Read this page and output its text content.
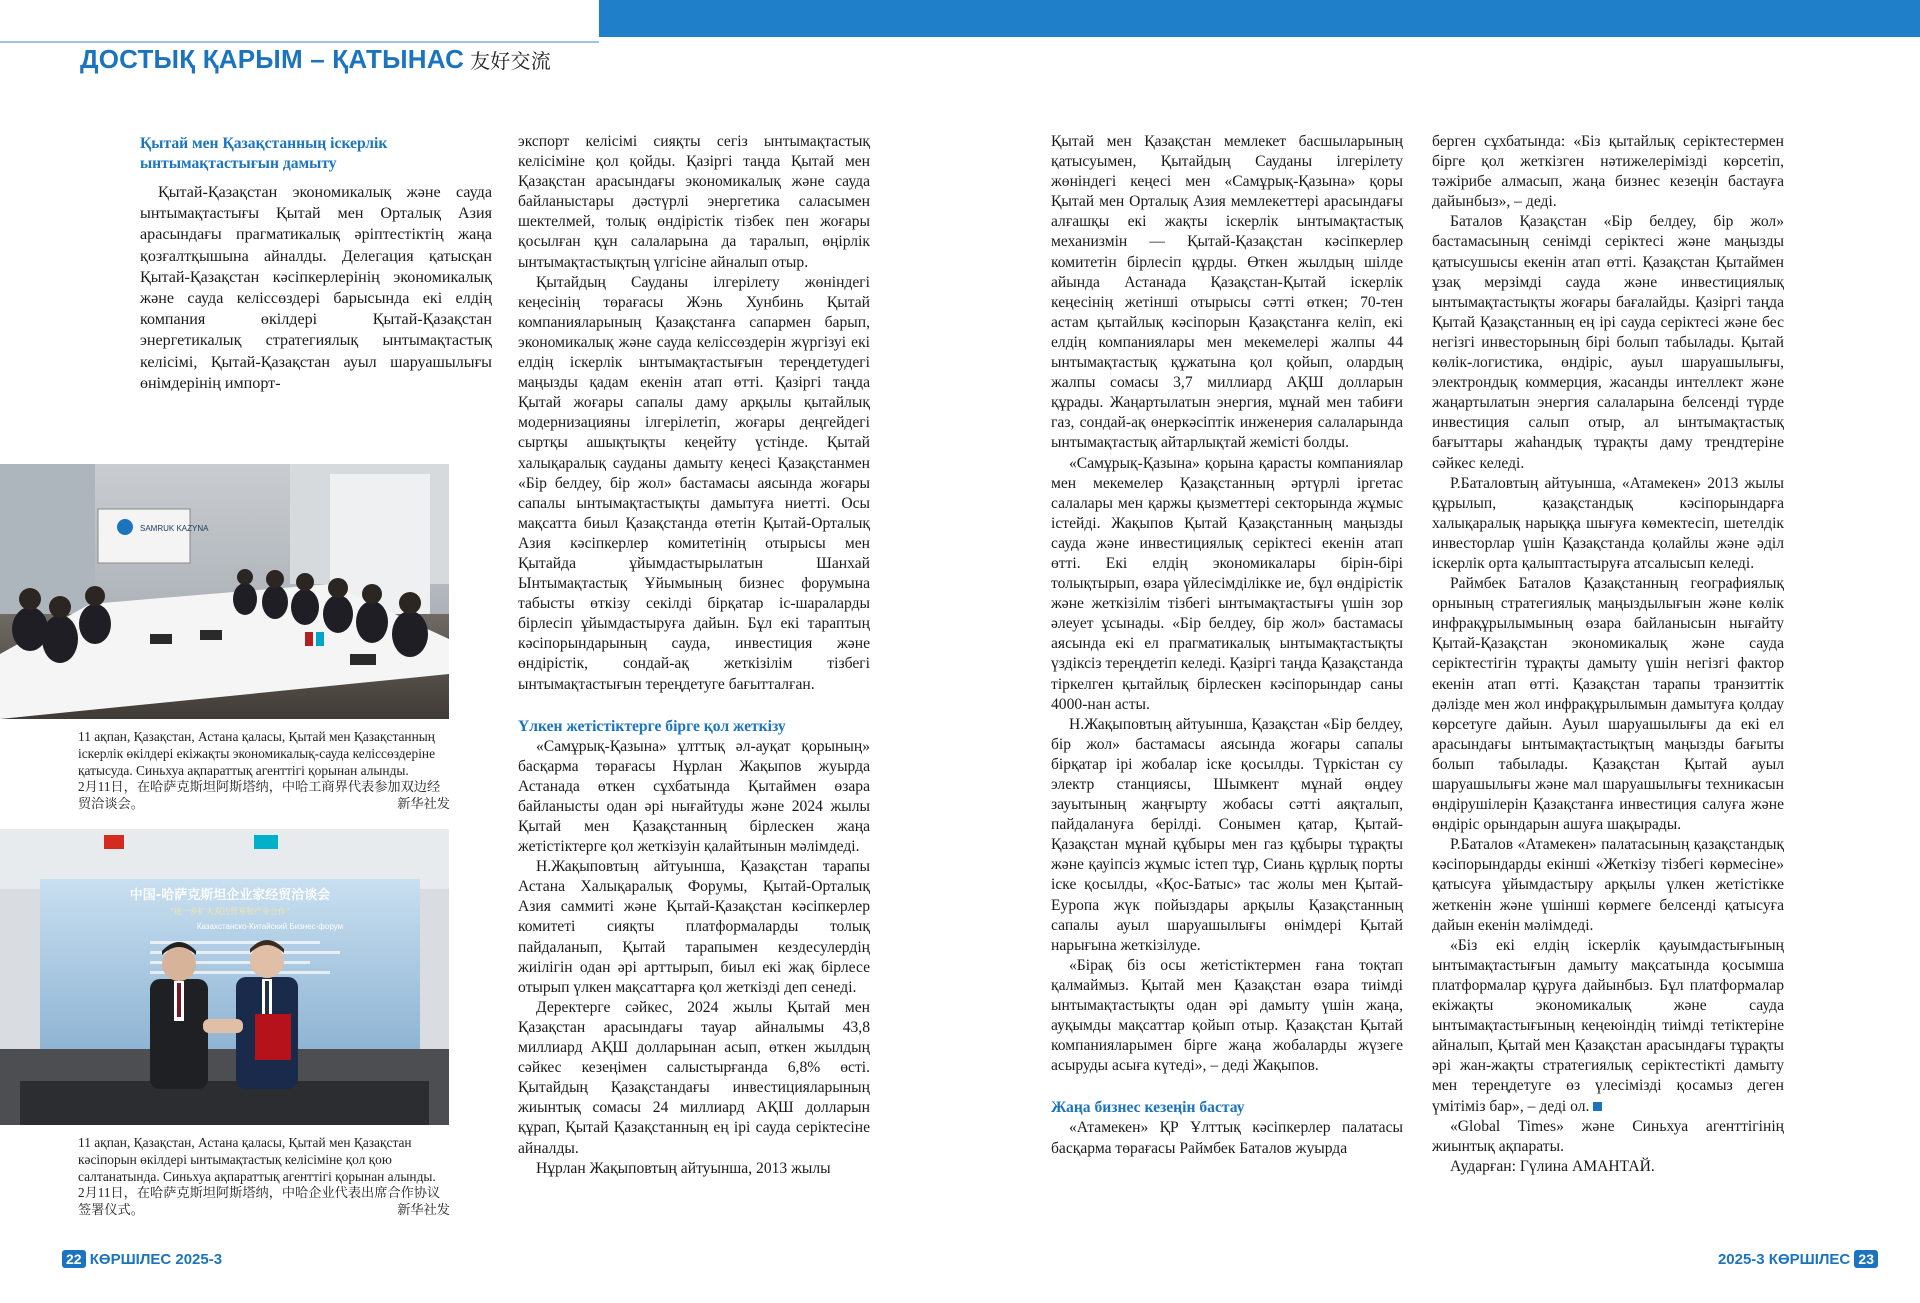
ДОСТЫҚ ҚАРЫМ – ҚАТЫНАС 友好交流

Қытай мен Қазақстанның іскерлік

ынтымақтастығын дамыту

Қытай-Қазақстан экономикалық және сауда ынтымақтастығы Қытай мен Орталық Азия арасындағы прагматикалық әріптестіктің жаңа қозғалтқышына айналды. Делегация қатысқан Қытай-Қазақстан кәсіпкерлерінің экономикалық және сауда келіссөздері барысында екі елдің компания өкілдері Қытай-Қазақстан энергетикалық стратегиялық ынтымақтастық келісімі, Қытай-Қазақстан ауыл шаруашылығы өнімдерінің импорт-

SAMRUK KAZYNA
11 ақпан, Қазақстан, Астана қаласы, Қытай мен Қазақстанның іскерлік өкілдері екіжақты экономикалық-сауда келіссөздеріне қатысуда. Синьхуа ақпараттық агенттігі қорынан алынды.
2月11日，在哈萨克斯坦阿斯塔纳，中哈工商界代表参加双边经贸洽谈会。	新华社发
中国-哈萨克斯坦企业家经贸洽谈会
“进一步扩大双边贸易和产业合作”
Казахстанско-Китайский Бизнес-форум
11 ақпан, Қазақстан, Астана қаласы, Қытай мен Қазақстан кәсіпорын өкілдері ынтымақтастық келісіміне қол қою салтанатында. Синьхуа ақпараттық агенттігі қорынан алынды.
2月11日，在哈萨克斯坦阿斯塔纳，中哈企业代表出席合作协议签署仪式。	新华社发

экспорт келісімі сияқты сегіз ынтымақтастық келісіміне қол қойды. Қазіргі таңда Қытай мен Қазақстан арасындағы экономикалық және сауда байланыстары дәстүрлі энергетика саласымен шектелмей, толық өндірістік тізбек пен жоғары қосылған құн салаларына да таралып, өңірлік ынтымақтастықтың үлгісіне айналып отыр.

Қытайдың Сауданы ілгерілету жөніндегі кеңесінің төрағасы Жэнь Хунбинь Қытай компанияларының Қазақстанға сапармен барып, экономикалық және сауда келіссөздерін жүргізуі екі елдің іскерлік ынтымақтастығын тереңдетудегі маңызды қадам екенін атап өтті. Қазіргі таңда Қытай жоғары сапалы даму арқылы қытайлық модернизацияны ілгерілетіп, жоғары деңгейдегі сыртқы ашықтықты кеңейту үстінде. Қытай халықаралық сауданы дамыту кеңесі Қазақстанмен «Бір белдеу, бір жол» бастамасы аясында жоғары сапалы ынтымақтастықты дамытуға ниетті. Осы мақсатта биыл Қазақстанда өтетін Қытай-Орталық Азия кәсіпкерлер комитетінің отырысы мен Қытайда ұйымдастырылатын Шанхай Ынтымақтастық Ұйымының бизнес форумына табысты өткізу секілді бірқатар іс-шараларды бірлесіп ұйымдастыруға дайын. Бұл екі тараптың кәсіпорындарының сауда, инвестиция және өндірістік, сондай-ақ жеткізілім тізбегі ынтымақтастығын тереңдетуге бағытталған.

Үлкен жетістіктерге бірге қол жеткізу

«Самұрық-Қазына» ұлттық әл-ауқат қорының» басқарма төрағасы Нұрлан Жақыпов жуырда Астанада өткен сұхбатында Қытаймен өзара байланысты одан әрі нығайтуды және 2024 жылы Қытай мен Қазақстанның бірлескен жаңа жетістіктерге қол жеткізуін қалайтынын мәлімдеді.

Н.Жақыповтың айтуынша, Қазақстан тарапы Астана Халықаралық Форумы, Қытай-Орталық Азия саммиті және Қытай-Қазақстан кәсіпкерлер комитеті сияқты платформаларды толық пайдаланып, Қытай тарапымен кездесулердің жиілігін одан әрі арттырып, биыл екі жақ бірлесе отырып үлкен мақсаттарға қол жеткізді деп сенеді.

Деректерге сәйкес, 2024 жылы Қытай мен Қазақстан арасындағы тауар айналымы 43,8 миллиард АҚШ долларынан асып, өткен жылдың сәйкес кезеңімен салыстырғанда 6,8% өсті. Қытайдың Қазақстандағы инвестицияларының жиынтық сомасы 24 миллиард АҚШ долларын құрап, Қытай Қазақстанның ең ірі сауда серіктесіне айналды.

Нұрлан Жақыповтың айтуынша, 2013 жылы

Қытай мен Қазақстан мемлекет басшыларының қатысуымен, Қытайдың Сауданы ілгерілету жөніндегі кеңесі мен «Самұрық-Қазына» қоры Қытай мен Орталық Азия мемлекеттері арасындағы алғашқы екі жақты іскерлік ынтымақтастық механизмін — Қытай-Қазақстан кәсіпкерлер комитетін бірлесіп құрды. Өткен жылдың шілде айында Астанада Қазақстан-Қытай іскерлік кеңесінің жетінші отырысы сәтті өткен; 70-тен астам қытайлық кәсіпорын Қазақстанға келіп, екі елдің компаниялары мен мекемелері жалпы 44 ынтымақтастық құжатына қол қойып, олардың жалпы сомасы 3,7 миллиард АҚШ долларын құрады. Жаңартылатын энергия, мұнай мен табиғи газ, сондай-ақ өнеркәсіптік инженерия салаларында ынтымақтастық айтарлықтай жемісті болды.

«Самұрық-Қазына» қорына қарасты компаниялар мен мекемелер Қазақстанның әртүрлі іргетас салалары мен қаржы қызметтері секторында жұмыс істейді. Жақыпов Қытай Қазақстанның маңызды сауда және инвестициялық серіктесі екенін атап өтті. Екі елдің экономикалары бірін-бірі толықтырып, өзара үйлесімділікке ие, бұл өндірістік және жеткізілім тізбегі ынтымақтастығы үшін зор әлеует ұсынады. «Бір белдеу, бір жол» бастамасы аясында екі ел прагматикалық ынтымақтастықты үздіксіз тереңдетіп келеді. Қазіргі таңда Қазақстанда тіркелген қытайлық бірлескен кәсіпорындар саны 4000-нан асты.

Н.Жақыповтың айтуынша, Қазақстан «Бір белдеу, бір жол» бастамасы аясында жоғары сапалы бірқатар ірі жобалар іске қосылды. Түркістан су электр станциясы, Шымкент мұнай өңдеу зауытының жаңғырту жобасы сәтті аяқталып, пайдалануға берілді. Сонымен қатар, Қытай-Қазақстан мұнай құбыры мен газ құбыры тұрақты және қауіпсіз жұмыс істеп тұр, Сиань құрлық порты іске қосылды, «Қос-Батыс» тас жолы мен Қытай-Еуропа жүк пойыздары арқылы Қазақстанның сапалы ауыл шаруашылығы өнімдері Қытай нарығына жеткізілуде.

«Бірақ біз осы жетістіктермен ғана тоқтап қалмаймыз. Қытай мен Қазақстан өзара тиімді ынтымақтастықты одан әрі дамыту үшін жаңа, ауқымды мақсаттар қойып отыр. Қазақстан Қытай компанияларымен бірге жаңа жобаларды жүзеге асыруды асыға күтеді», – деді Жақыпов.

Жаңа бизнес кезеңін бастау

«Атамекен» ҚР Ұлттық кәсіпкерлер палатасы басқарма төрағасы Раймбек Баталов жуырда

берген сұхбатында: «Біз қытайлық серіктестермен бірге қол жеткізген нәтижелерімізді көрсетіп, тәжірибе алмасып, жаңа бизнес кезеңін бастауға дайынбыз», – деді.

Баталов Қазақстан «Бір белдеу, бір жол» бастамасының сенімді серіктесі және маңызды қатысушысы екенін атап өтті. Қазақстан Қытаймен ұзақ мерзімді сауда және инвестициялық ынтымақтастықты жоғары бағалайды. Қазіргі таңда Қытай Қазақстанның ең ірі сауда серіктесі және бес негізгі инвесторының бірі болып табылады. Қытай көлік-логистика, өндіріс, ауыл шаруашылығы, электрондық коммерция, жасанды интеллект және жаңартылатын энергия салаларына белсенді түрде инвестиция салып отыр, ал ынтымақтастық бағыттары жаһандық тұрақты даму трендтеріне сәйкес келеді.

Р.Баталовтың айтуынша, «Атамекен» 2013 жылы құрылып, қазақстандық кәсіпорындарға халықаралық нарыққа шығуға көмектесіп, шетелдік инвесторлар үшін Қазақстанда қолайлы және әділ іскерлік орта қалыптастыруға атсалысып келеді.

Раймбек Баталов Қазақстанның географиялық орнының стратегиялық маңыздылығын және көлік инфрақұрылымының өзара байланысын нығайту Қытай-Қазақстан экономикалық және сауда серіктестігін тұрақты дамыту үшін негізгі фактор екенін атап өтті. Қазақстан тарапы транзиттік дәлізде мен жол инфрақұрылымын дамытуға қолдау көрсетуге дайын. Ауыл шаруашылығы да екі ел арасындағы ынтымақтастықтың маңызды бағыты болып табылады. Қазақстан Қытай ауыл шаруашылығы және мал шаруашылығы техникасын өндірушілерін Қазақстанға инвестиция салуға және өндіріс орындарын ашуға шақырады.

Р.Баталов «Атамекен» палатасының қазақстандық кәсіпорындарды екінші «Жеткізу тізбегі көрмесіне» қатысуға ұйымдастыру арқылы үлкен жетістікке жеткенін және үшінші көрмеге белсенді қатысуға дайын екенін мәлімдеді.

«Біз екі елдің іскерлік қауымдастығының ынтымақтастығын дамыту мақсатында қосымша платформалар құруға дайынбыз. Бұл платформалар екіжақты экономикалық және сауда ынтымақтастығының кеңеюіндің тиімді тетіктеріне айналып, Қытай мен Қазақстан арасындағы тұрақты әрі жан-жақты стратегиялық серіктестікті дамыту мен тереңдетуге өз үлесімізді қосамыз деген үмітіміз бар», – деді ол.

«Global Times» және Синьхуа агенттігінің жиынтық ақпараты.

Аударған: Гүлина АМАНТАЙ.

22 КӨРШІЛЕС 2025-3	2025-3 КӨРШІЛЕС 23
